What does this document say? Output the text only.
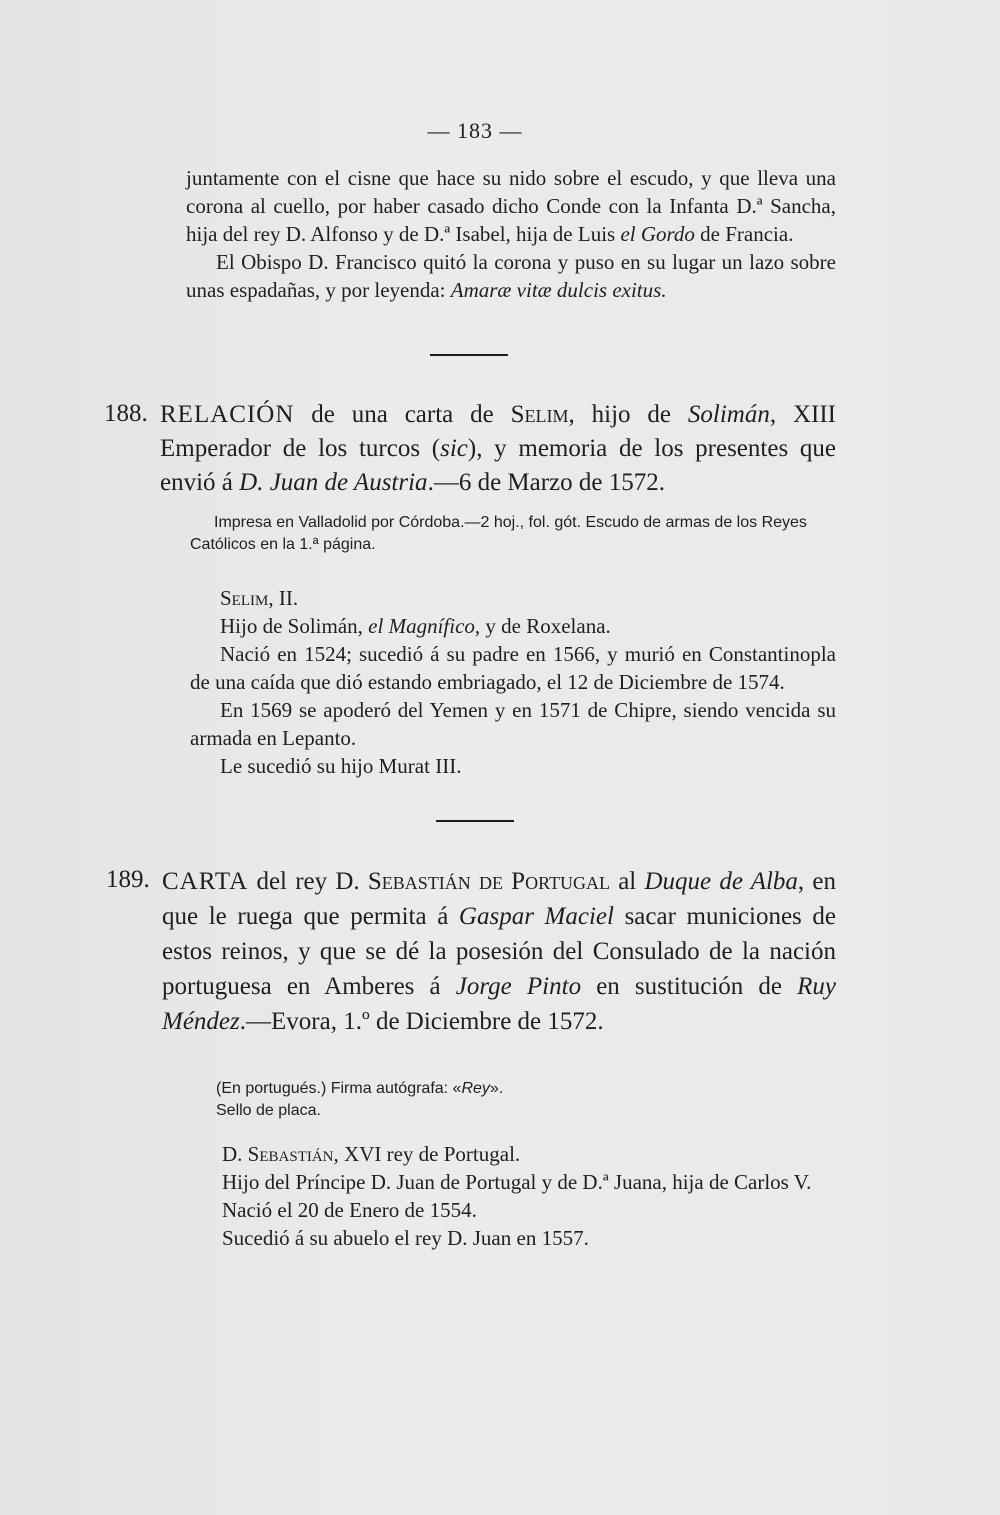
— 183 —

juntamente con el cisne que hace su nido sobre el escudo, y que lleva una corona al cuello, por haber casado dicho Conde con la Infanta D.ª Sancha, hija del rey D. Alfonso y de D.ª Isabel, hija de Luis el Gordo de Francia.

El Obispo D. Francisco quitó la corona y puso en su lugar un lazo sobre unas espadañas, y por leyenda: Amaræ vitæ dulcis exitus.

188. RELACIÓN de una carta de Selim, hijo de Solimán, XIII Emperador de los turcos (sic), y memoria de los presentes que envió á D. Juan de Austria.—6 de Marzo de 1572.

Impresa en Valladolid por Córdoba.—2 hoj., fol. gót. Escudo de armas de los Reyes Católicos en la 1.ª página.

Selim, II.

Hijo de Solimán, el Magnífico, y de Roxelana.

Nació en 1524; sucedió á su padre en 1566, y murió en Constantinopla de una caída que dió estando embriagado, el 12 de Diciembre de 1574.

En 1569 se apoderó del Yemen y en 1571 de Chipre, siendo vencida su armada en Lepanto.

Le sucedió su hijo Murat III.

189. CARTA del rey D. Sebastián de Portugal al Duque de Alba, en que le ruega que permita á Gaspar Maciel sacar municiones de estos reinos, y que se dé la posesión del Consulado de la nación portuguesa en Amberes á Jorge Pinto en sustitución de Ruy Méndez.—Evora, 1.º de Diciembre de 1572.

(En portugués.) Firma autógrafa: «Rey».

Sello de placa.

D. Sebastián, XVI rey de Portugal.

Hijo del Príncipe D. Juan de Portugal y de D.ª Juana, hija de Carlos V.

Nació el 20 de Enero de 1554.

Sucedió á su abuelo el rey D. Juan en 1557.
